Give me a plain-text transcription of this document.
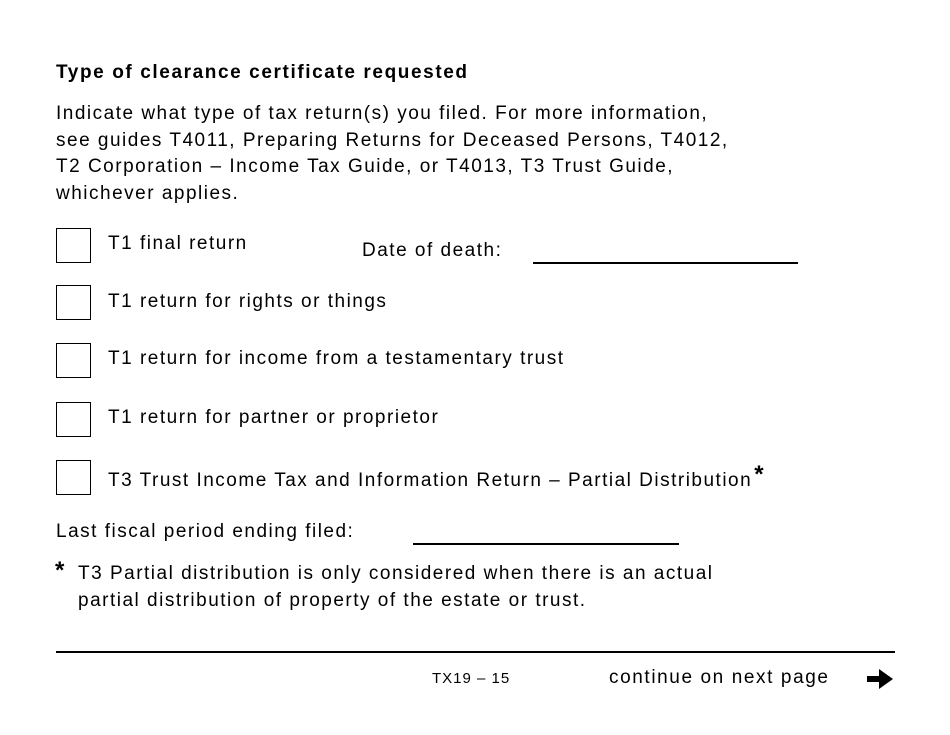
Type of clearance certificate requested
Indicate what type of tax return(s) you filed. For more information,
see guides T4011, Preparing Returns for Deceased Persons, T4012,
T2 Corporation – Income Tax Guide, or T4013, T3 Trust Guide,
whichever applies.
T1 final return	Date of death:
T1 return for rights or things
T1 return for income from a testamentary trust
T1 return for partner or proprietor
T3 Trust Income Tax and Information Return – Partial Distribution*
Last fiscal period ending filed:
* T3 Partial distribution is only considered when there is an actual
partial distribution of property of the estate or trust.
TX19 – 15	continue on next page
